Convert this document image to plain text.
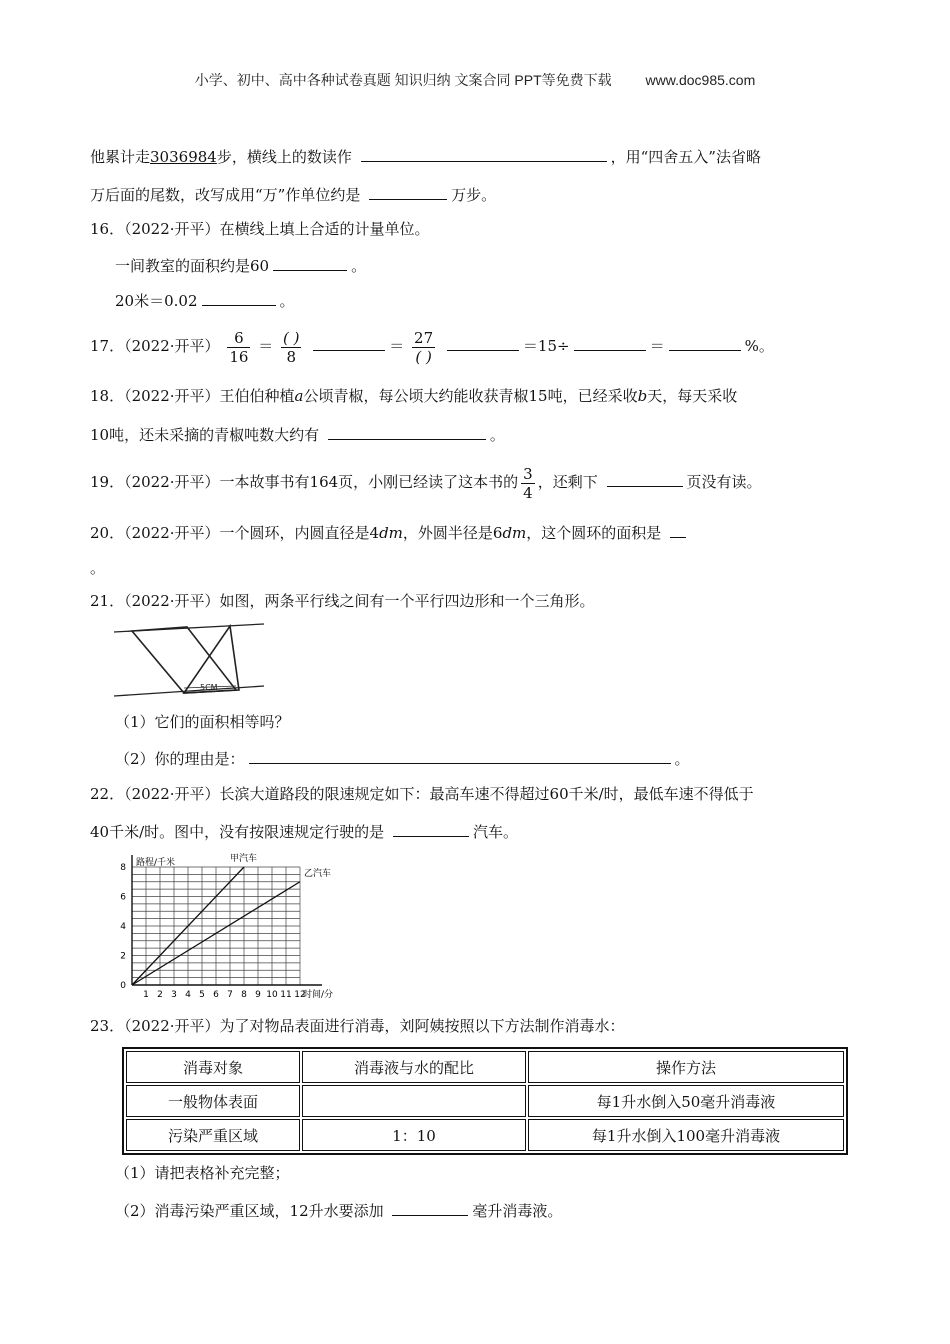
小学、初中、高中各种试卷真题 知识归纳 文案合同 PPT等免费下载 www.doc985.com
他累计走3036984步，横线上的数读作	，用“四舍五入”法省略
万后面的尾数，改写成用“万”作单位约是	万步。
16．（2022·开平）在横线上填上合适的计量单位。
一间教室的面积约是60	。
20米＝0.02	。
17．（2022·开平） $\frac{6}{16} = \frac{( )}{8}$	＝ $\frac{27}{( )}$	＝15÷	＝	%。
18．（2022·开平）王伯伯种植a公顷青椒，每公顷大约能收获青椒15吨，已经采收b天，每天采收
10吨，还未采摘的青椒吨数大约有	。
19．（2022·开平）一本故事书有164页，小刚已经读了这本书的 $\frac{3}{4}$ ，还剩下	页没有读。
20．（2022·开平）一个圆环，内圆直径是4dm，外圆半径是6dm，这个圆环的面积是
。
21．（2022·开平）如图，两条平行线之间有一个平行四边形和一个三角形。
5CM
（1）它们的面积相等吗？
（2）你的理由是：	。
22．（2022·开平）长滨大道路段的限速规定如下：最高车速不得超过60千米/时，最低车速不得低于
40千米/时。图中，没有按限速规定行驶的是	汽车。
1 2 3 4 5 6 7 8 9 10 11 12
0
2
4
6
8
时间/分
路程/千米	甲汽车
乙汽车
23．（2022·开平）为了对物品表面进行消毒，刘阿姨按照以下方法制作消毒水：
消毒对象	消毒液与水的配比	操作方法
一般物体表面		每1升水倒入50毫升消毒液
污染严重区域	1：10	每1升水倒入100毫升消毒液
（1）请把表格补充完整；
（2）消毒污染严重区域，12升水要添加	毫升消毒液。
